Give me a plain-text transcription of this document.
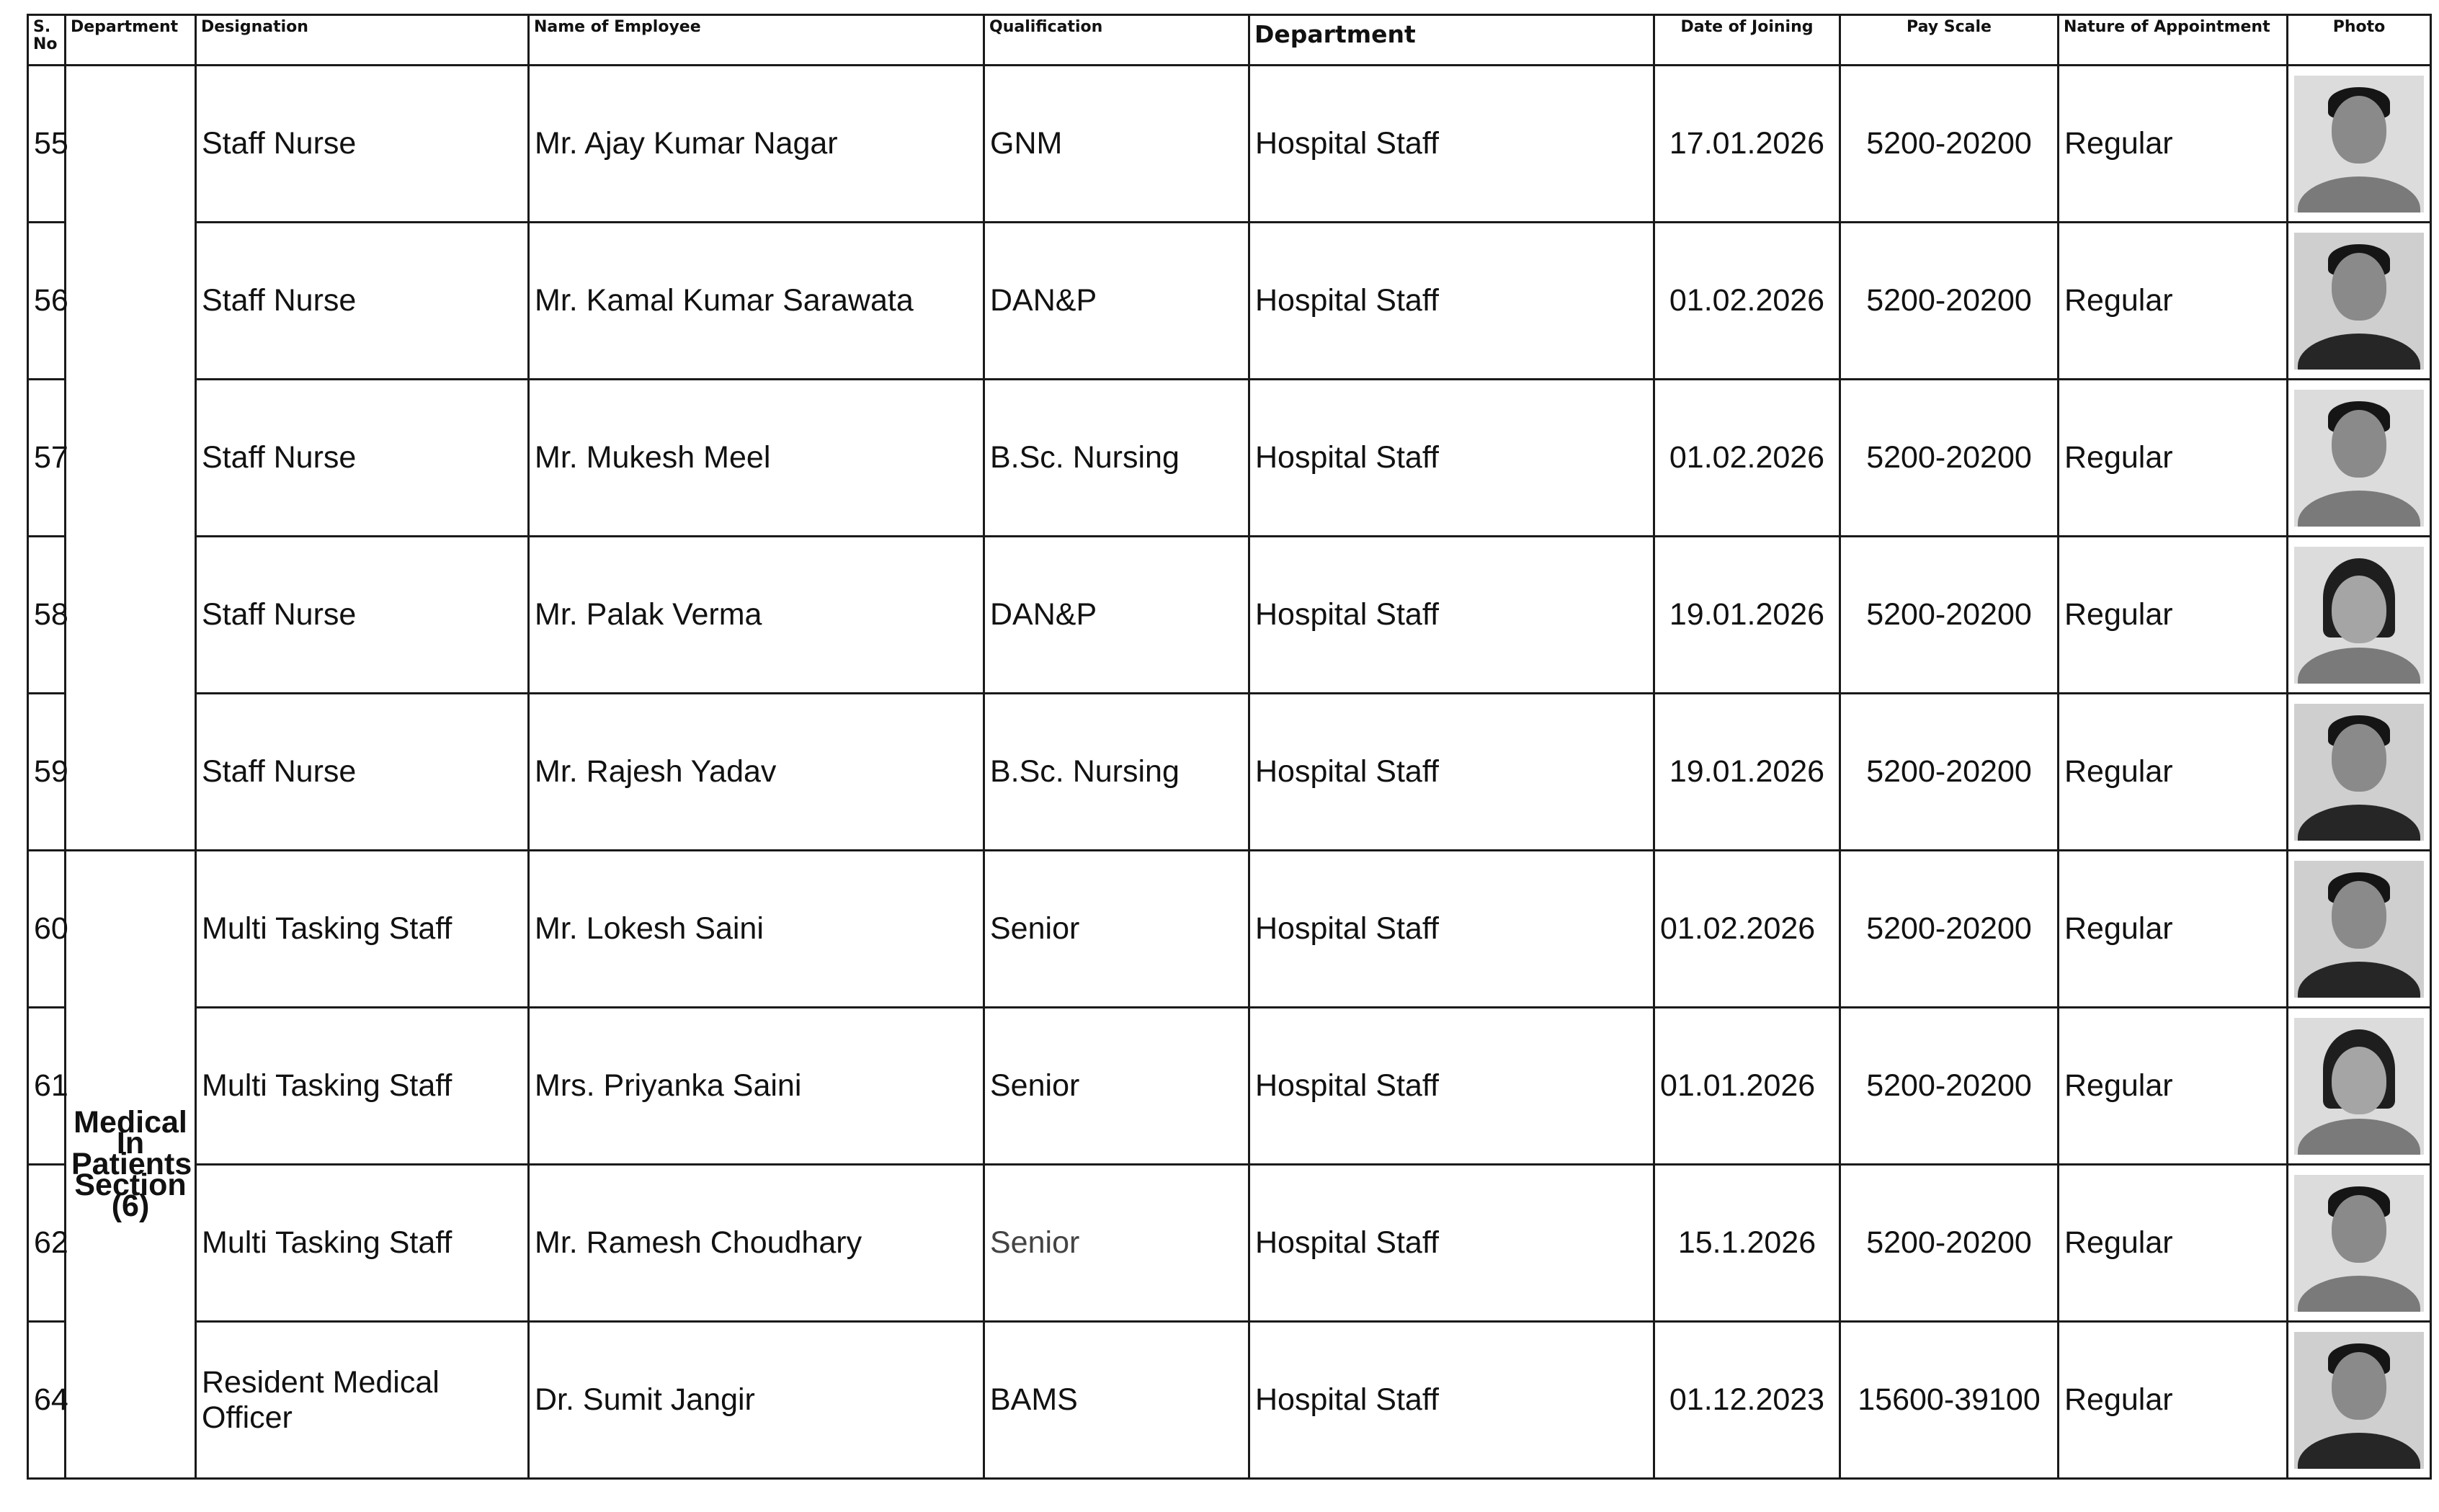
S. No	Department	Designation	Name of Employee	Qualification	Department	Date of Joining	Pay Scale	Nature of Appointment	Photo
55		Staff Nurse	Mr. Ajay Kumar Nagar	GNM	Hospital Staff	17.01.2026	5200-20200	Regular	

56		Staff Nurse	Mr. Kamal Kumar Sarawata	DAN&P	Hospital Staff	01.02.2026	5200-20200	Regular	

57		Staff Nurse	Mr. Mukesh Meel	B.Sc. Nursing	Hospital Staff	01.02.2026	5200-20200	Regular	

58		Staff Nurse	Mr. Palak Verma	DAN&P	Hospital Staff	19.01.2026	5200-20200	Regular	

59		Staff Nurse	Mr. Rajesh Yadav	B.Sc. Nursing	Hospital Staff	19.01.2026	5200-20200	Regular	

60	Medical In Patients Section (6)	Multi Tasking Staff	Mr. Lokesh Saini	Senior	Hospital Staff	01.02.2026	5200-20200	Regular	

61		Multi Tasking Staff	Mrs. Priyanka Saini	Senior	Hospital Staff	01.01.2026	5200-20200	Regular	

62		Multi Tasking Staff	Mr. Ramesh Choudhary	Senior	Hospital Staff	15.1.2026	5200-20200	Regular	

64		Resident Medical Officer	Dr. Sumit Jangir	BAMS	Hospital Staff	01.12.2023	15600-39100	Regular	
